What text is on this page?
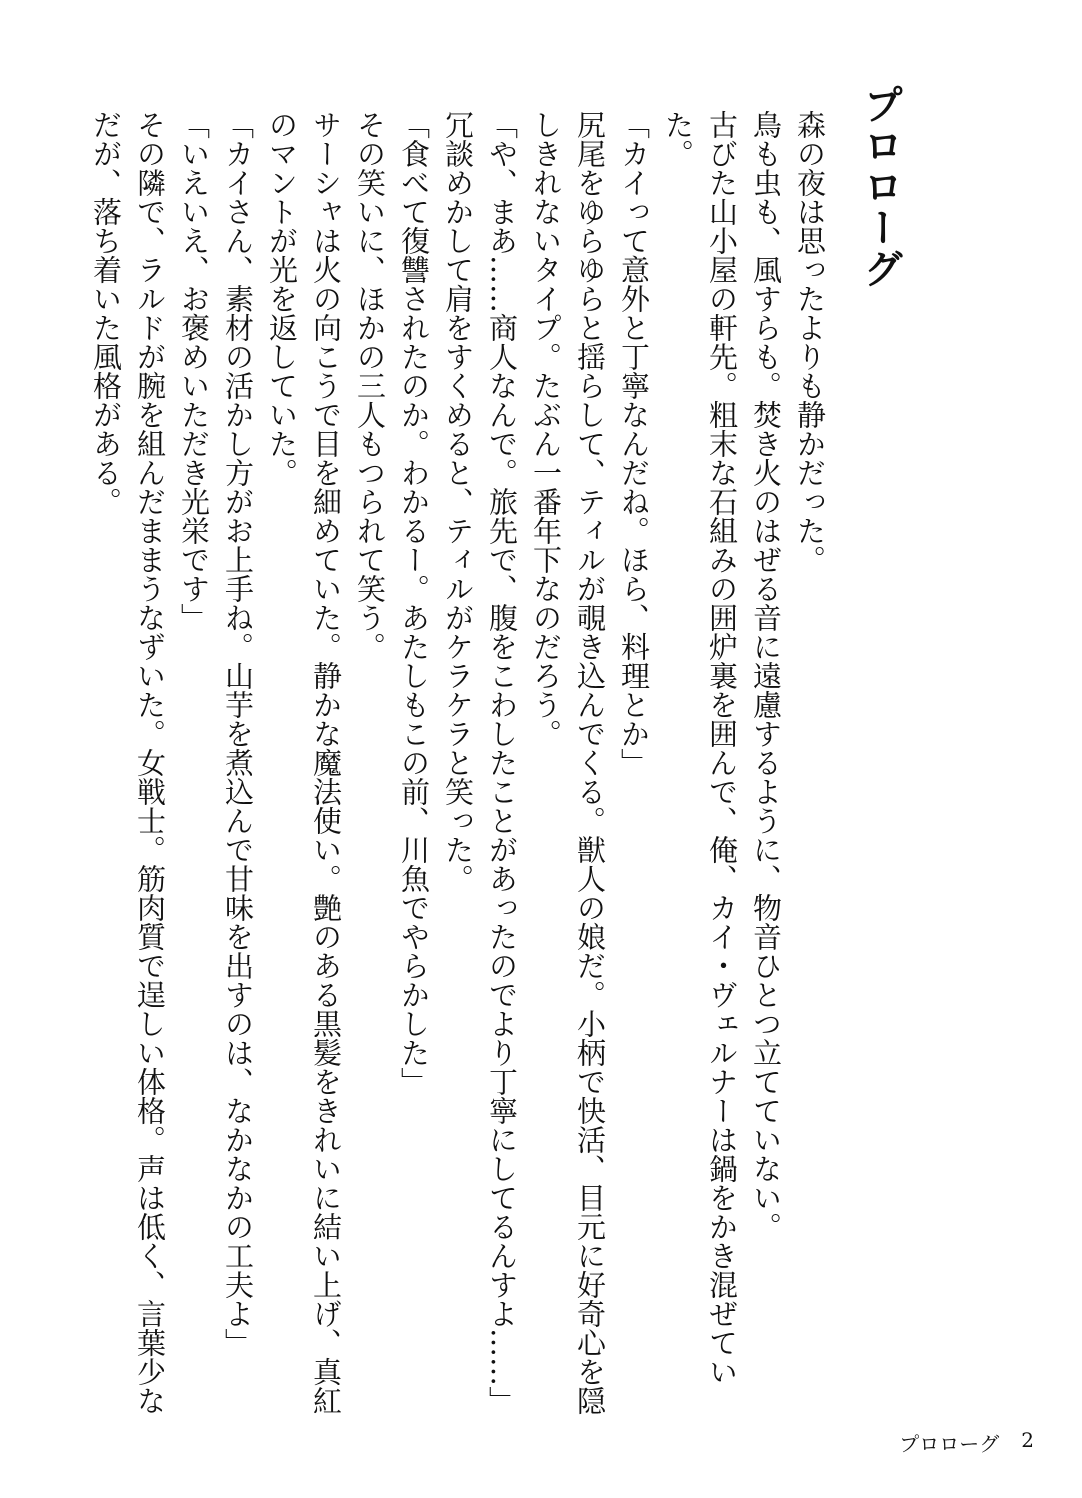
プロローグ

森の夜は思ったよりも静かだった。

鳥も虫も、風すらも。焚き火のはぜる音に遠慮するように、物音ひとつ立てていない。

古びた山小屋の軒先。粗末な石組みの囲炉裏を囲んで、俺、カイ・ヴェルナーは鍋をかき混ぜていた。

「カイって意外と丁寧なんだね。ほら、料理とか」

尻尾をゆらゆらと揺らして、ティルが覗き込んでくる。獣人の娘だ。小柄で快活、目元に好奇心を隠しきれないタイプ。たぶん一番年下なのだろう。

「や、まあ……商人なんで。旅先で、腹をこわしたことがあったのでより丁寧にしてるんすよ……」

冗談めかして肩をすくめると、ティルがケラケラと笑った。

「食べて復讐されたのか。わかるー。あたしもこの前、川魚でやらかした」

その笑いに、ほかの三人もつられて笑う。

サーシャは火の向こうで目を細めていた。静かな魔法使い。艶のある黒髪をきれいに結い上げ、真紅のマントが光を返していた。

「カイさん、素材の活かし方がお上手ね。山芋を煮込んで甘味を出すのは、なかなかの工夫よ」

「いえいえ、お褒めいただき光栄です」

その隣で、ラルドが腕を組んだままうなずいた。女戦士。筋肉質で逞しい体格。声は低く、言葉少なだが、落ち着いた風格がある。

プロローグ 2
